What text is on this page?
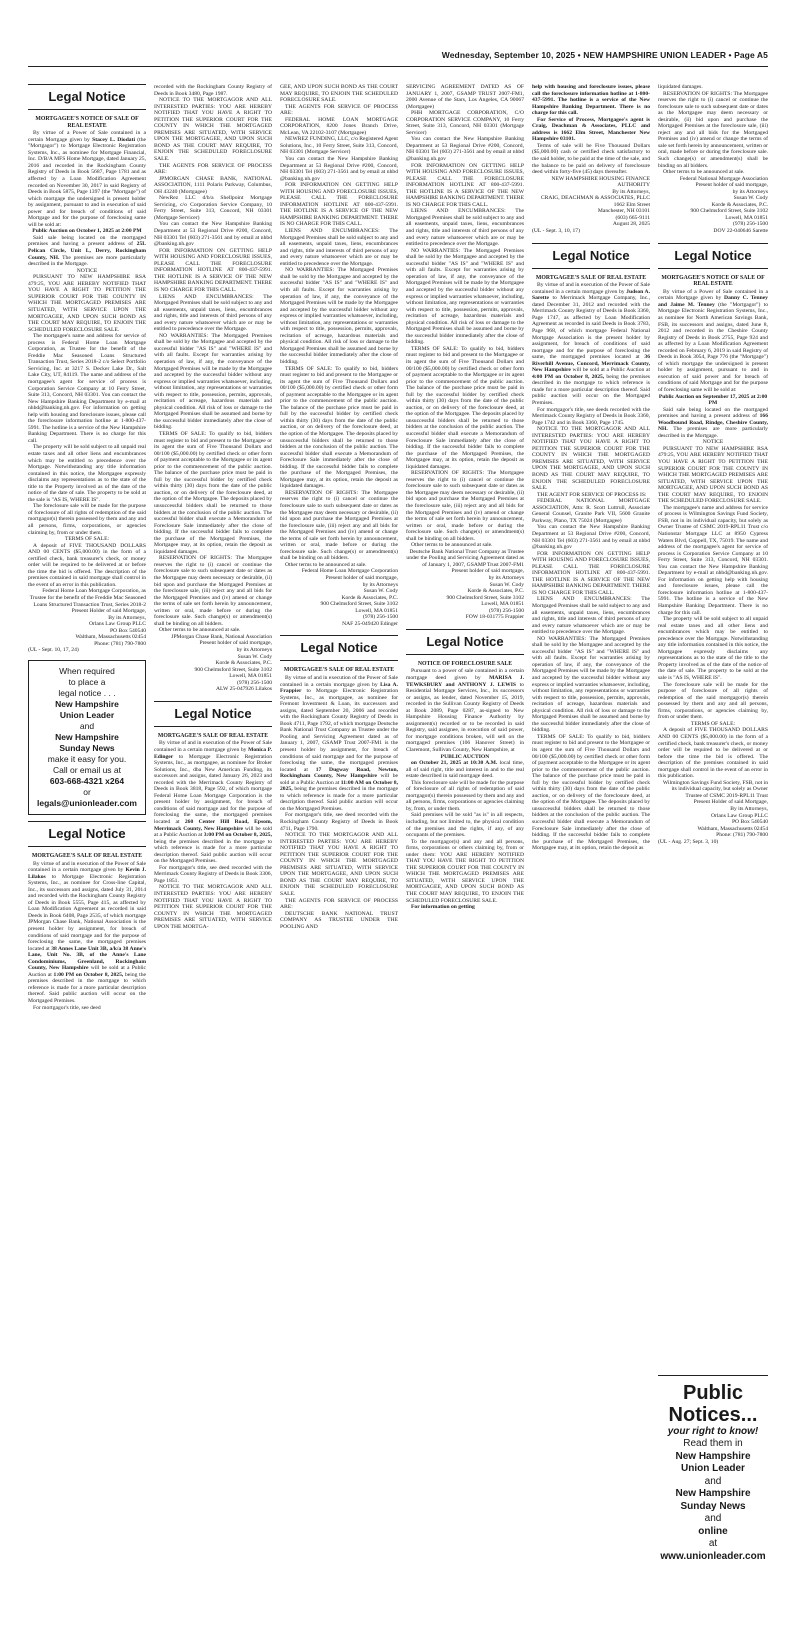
Wednesday, September 10, 2025 • NEW HAMPSHIRE UNION LEADER • Page A5
Legal Notice
MORTGAGEE'S NOTICE OF SALE OF REAL ESTATE

By virtue of a Power of Sale contained in a certain Mortgage given by Stacey L. Diodati (the "Mortgagor") to Mortgage Electronic Registration Systems, Inc., as nominee for Mortgage Financial, Inc. D/B/A MFS Home Mortgage, dated January 25, 2016 and recorded in the Rockingham County Registry of Deeds in Book 5687, Page 1781 and as affected by a Loan Modification Agreement recorded on November 30, 2017 in said Registry of Deeds in Book 5875, Page 1397 (the "Mortgage") of which mortgage the undersigned is present holder by assignment, pursuant to and in execution of said power and for breach of conditions of said Mortgage and for the purpose of foreclosing same will be sold at:

Public Auction on October 1, 2025 at 2:00 PM

Said sale being located on the mortgaged premises and having a present address of 25L Pelican Circle, Unit L, Derry, Rockingham County, NH. The premises are more particularly described in the Mortgage.

NOTICE

PURSUANT TO NEW HAMPSHIRE RSA 479:25, YOU ARE HEREBY NOTIFIED THAT YOU HAVE A RIGHT TO PETITION THE SUPERIOR COURT FOR THE COUNTY IN WHICH THE MORTGAGED PREMISES ARE SITUATED, WITH SERVICE UPON THE MORTGAGEE, AND UPON SUCH BOND AS THE COURT MAY REQUIRE, TO ENJOIN THE SCHEDULED FORECLOSURE SALE.

The mortgagee's name and address for service of process is Federal Home Loan Mortgage Corporation, as Trustee for the benefit of the Freddie Mac Seasoned Loans Structured Transaction Trust, Series 2018-2 c/o Select Portfolio Servicing, Inc. at 3217 S. Decker Lake Dr., Salt Lake City, UT, 84119. The name and address of the mortgagee's agent for service of process is Corporation Service Company at 10 Ferry Street, Suite 313, Concord, NH 03301. You can contact the New Hampshire Banking Department by e-mail at nhbd@banking.nh.gov. For information on getting help with housing and foreclosure issues, please call the foreclosure information hotline at 1-800-437-5991. The hotline is a service of the New Hampshire Banking Department. There is no charge for this call.

The property will be sold subject to all unpaid real estate taxes and all other liens and encumbrances which may be entitled to precedence over the Mortgage. Notwithstanding any title information contained in this notice, the Mortgagee expressly disclaims any representations as to the state of the title to the Property involved as of the date of the notice of the date of sale. The property to be sold at the sale is "AS IS, WHERE IS".

The foreclosure sale will be made for the purpose of foreclosure of all rights of redemption of the said mortgagor(s) therein possessed by them and any and all persons, firms, corporations, or agencies claiming by, from or under them.

TERMS OF SALE:

A deposit of FIVE THOUSAND DOLLARS AND 00 CENTS ($5,000.00) in the form of a certified check, bank treasurer's check, or money order will be required to be delivered at or before the time the bid is offered. The description of the premises contained in said mortgage shall control in the event of an error in this publication.

Federal Home Loan Mortgage Corporation, as Trustee for the benefit of the Freddie Mac Seasoned Loans Structured Transaction Trust, Series 2018-2

Present Holder of said Mortgage,

By its Attorneys,

Orlans Law Group PLLC

PO Box 540540

Waltham, Massachusetts 02454

Phone: (781) 790-7800

(UL - Sept. 10, 17, 24)

When required
to place a
legal notice . . .
New Hampshire
Union Leader
and
New Hampshire
Sunday News
make it easy for you.
Call or email us at
603-668-4321 x264
or
legals@unionleader.com
Legal Notice
MORTGAGEE'S SALE OF REAL ESTATE

By virtue of and in execution of the Power of Sale contained in a certain mortgage given by Kevin J. Lilakos to Mortgage Electronic Registration Systems, Inc., as nominee for Cross-line Capital, Inc., its successors and assigns, dated July 31, 2014 and recorded with the Rockingham County Registry of Deeds in Book 5555, Page 415, as affected by Loan Modification Agreement as recorded in said Deeds in Book 6408, Page 2535, of which mortgage JPMorgan Chase Bank, National Association is the present holder by assignment, for breach of conditions of said mortgage and for the purpose of foreclosing the same, the mortgaged premises located at 38 Annes Lane Unit 3B, a/k/a 38 Anne's Lane, Unit No. 3B, of the Anne's Lane Condominiums, Greenland, Rockingham County, New Hampshire will be sold at a Public Auction at 1:00 PM on October 8, 2025, being the premises described in the mortgage to which reference is made for a more particular description thereof. Said public auction will occur on the Mortgaged Premises.

For mortgagor's title, see deed

recorded with the Rockingham County Registry of Deeds in Book 3480, Page 1987.

NOTICE TO THE MORTGAGOR AND ALL INTERESTED PARTIES: YOU ARE HEREBY NOTIFIED THAT YOU HAVE A RIGHT TO PETITION THE SUPERIOR COURT FOR THE COUNTY IN WHICH THE MORTGAGED PREMISES ARE SITUATED, WITH SERVICE UPON THE MORTGAGEE, AND UPON SUCH BOND AS THE COURT MAY REQUIRE, TO ENJOIN THE SCHEDULED FORECLOSURE SALE.

THE AGENTS FOR SERVICE OF PROCESS ARE:

JPMORGAN CHASE BANK, NATIONAL ASSOCIATION, 1111 Polaris Parkway, Columbus, OH 43240 (Mortgagee)

NewRez LLC d/b/a Shellpoint Mortgage Servicing, c/o Corporation Service Company, 10 Ferry Street, Suite 313, Concord, NH 03301 (Mortgage Servicer)

You can contact the New Hampshire Banking Department at 53 Regional Drive #200, Concord, NH 03301 Tel (603) 271-3561 and by email at nhbd @banking.nh.gov

FOR INFORMATION ON GETTING HELP WITH HOUSING AND FORECLOSURE ISSUES, PLEASE CALL THE FORECLOSURE INFORMATION HOTLINE AT 800-437-5991. THE HOTLINE IS A SERVICE OF THE NEW HAMPSHIRE BANKING DEPARTMENT. THERE IS NO CHARGE FOR THIS CALL.

LIENS AND ENCUMBRANCES: The Mortgaged Premises shall be sold subject to any and all easements, unpaid taxes, liens, encumbrances and rights, title and interests of third persons of any and every nature whatsoever which are or may be entitled to precedence over the Mortgage.

NO WARRANTIES: The Mortgaged Premises shall be sold by the Mortgagee and accepted by the successful bidder "AS IS" and "WHERE IS" and with all faults. Except for warranties arising by operation of law, if any, the conveyance of the Mortgaged Premises will be made by the Mortgagee and accepted by the successful bidder without any express or implied warranties whatsoever, including, without limitation, any representations or warranties with respect to title, possession, permits, approvals, recitation of acreage, hazardous materials and physical condition. All risk of loss or damage to the Mortgaged Premises shall be assumed and borne by the successful bidder immediately after the close of bidding.

TERMS OF SALE: To qualify to bid, bidders must register to bid and present to the Mortgagee or its agent the sum of Five Thousand Dollars and 00/100 ($5,000.00) by certified check or other form of payment acceptable to the Mortgagee or its agent prior to the commencement of the public auction. The balance of the purchase price must be paid in full by the successful bidder by certified check within thirty (30) days from the date of the public auction, or on delivery of the foreclosure deed, at the option of the Mortgagee. The deposits placed by unsuccessful bidders shall be returned to those bidders at the conclusion of the public auction. The successful bidder shall execute a Memorandum of Foreclosure Sale immediately after the close of bidding. If the successful bidder fails to complete the purchase of the Mortgaged Premises, the Mortgagee may, at its option, retain the deposit as liquidated damages.

RESERVATION OF RIGHTS: The Mortgagee reserves the right to (i) cancel or continue the foreclosure sale to such subsequent date or dates as the Mortgagee may deem necessary or desirable, (ii) bid upon and purchase the Mortgaged Premises at the foreclosure sale, (iii) reject any and all bids for the Mortgaged Premises and (iv) amend or change the terms of sale set forth herein by announcement, written or oral, made before or during the foreclosure sale. Such change(s) or amendment(s) shall be binding on all bidders.

Other terms to be announced at sale.

JPMorgan Chase Bank, National Association

Present holder of said mortgage,

by its Attorneys

Susan W. Cody

Korde & Associates, P.C.

900 Chelmsford Street, Suite 3102

Lowell, MA 01851

(978) 256-1500

ALW 25-047926 Lilakos

Legal Notice
MORTGAGEE'S SALE OF REAL ESTATE

By virtue of and in execution of the Power of Sale contained in a certain mortgage given by Monica P. Edinger to Mortgage Electronic Registration Systems, Inc., as mortgagee, as nominee for Broker Solutions, Inc., dba New American Funding, its successors and assigns, dated January 26, 2023 and recorded with the Merrimack County Registry of Deeds in Book 3818, Page 592, of which mortgage Federal Home Loan Mortgage Corporation is the present holder by assignment, for breach of conditions of said mortgage and for the purpose of foreclosing the same, the mortgaged premises located at 260 Center Hill Road, Epsom, Merrimack County, New Hampshire will be sold at a Public Auction at 3:00 PM on October 8, 2025, being the premises described in the mortgage to which reference is made for a more particular description thereof. Said public auction will occur on the Mortgaged Premises.

For mortgagor's title, see deed recorded with the Merrimack County Registry of Deeds in Book 3306, Page 1851.

NOTICE TO THE MORTGAGOR AND ALL INTERESTED PARTIES: YOU ARE HEREBY NOTIFIED THAT YOU HAVE A RIGHT TO PETITION THE SUPERIOR COURT FOR THE COUNTY IN WHICH THE MORTGAGED PREMISES ARE SITUATED, WITH SERVICE UPON THE MORTGA-

GEE, AND UPON SUCH BOND AS THE COURT MAY REQUIRE, TO ENJOIN THE SCHEDULED FORECLOSURE SALE.

THE AGENTS FOR SERVICE OF PROCESS ARE:

FEDERAL HOME LOAN MORTGAGE CORPORATION, 8200 Jones Branch Drive, McLean, VA 22102-3107 (Mortgagee)

NEWREZ FUNDING, LLC, c/o Registered Agent Solutions, Inc., 10 Ferry Street, Suite 313, Concord, NH 03301 (Mortgage Servicer)

You can contact the New Hampshire Banking Department at 53 Regional Drive #200, Concord, NH 03301 Tel (603) 271-3561 and by email at nhbd @banking.nh.gov

FOR INFORMATION ON GETTING HELP WITH HOUSING AND FORECLOSURE ISSUES, PLEASE CALL THE FORECLOSURE INFORMATION HOTLINE AT 800-437-5991. THE HOTLINE IS A SERVICE OF THE NEW HAMPSHIRE BANKING DEPARTMENT. THERE IS NO CHARGE FOR THIS CALL.

LIENS AND ENCUMBRANCES: The Mortgaged Premises shall be sold subject to any and all easements, unpaid taxes, liens, encumbrances and rights, title and interests of third persons of any and every nature whatsoever which are or may be entitled to precedence over the Mortgage.

NO WARRANTIES: The Mortgaged Premises shall be sold by the Mortgagee and accepted by the successful bidder "AS IS" and "WHERE IS" and with all faults. Except for warranties arising by operation of law, if any, the conveyance of the Mortgaged Premises will be made by the Mortgagee and accepted by the successful bidder without any express or implied warranties whatsoever, including, without limitation, any representations or warranties with respect to title, possession, permits, approvals, recitation of acreage, hazardous materials and physical condition. All risk of loss or damage to the Mortgaged Premises shall be assumed and borne by the successful bidder immediately after the close of bidding.

TERMS OF SALE: To qualify to bid, bidders must register to bid and present to the Mortgagee or its agent the sum of Five Thousand Dollars and 00/100 ($5,000.00) by certified check or other form of payment acceptable to the Mortgagee or its agent prior to the commencement of the public auction. The balance of the purchase price must be paid in full by the successful bidder by certified check within thirty (30) days from the date of the public auction, or on delivery of the foreclosure deed, at the option of the Mortgagee. The deposits placed by unsuccessful bidders shall be returned to those bidders at the conclusion of the public auction. The successful bidder shall execute a Memorandum of Foreclosure Sale immediately after the close of bidding. If the successful bidder fails to complete the purchase of the Mortgaged Premises, the Mortgagee may, at its option, retain the deposit as liquidated damages.

RESERVATION OF RIGHTS: The Mortgagee reserves the right to (i) cancel or continue the foreclosure sale to such subsequent date or dates as the Mortgagee may deem necessary or desirable, (ii) bid upon and purchase the Mortgaged Premises at the foreclosure sale, (iii) reject any and all bids for the Mortgaged Premises and (iv) amend or change the terms of sale set forth herein by announcement, written or oral, made before or during the foreclosure sale. Such change(s) or amendment(s) shall be binding on all bidders.

Other terms to be announced at sale.

Federal Home Loan Mortgage Corporation

Present holder of said mortgage,

by its Attorneys

Susan W. Cody

Korde & Associates, P.C.

900 Chelmsford Street, Suite 3102

Lowell, MA 01851

(978) 256-1500

NAF 25-049420 Edinger

Legal Notice
MORTGAGEE'S SALE OF REAL ESTATE

By virtue of and in execution of the Power of Sale contained in a certain mortgage given by Lisa A. Frappier to Mortgage Electronic Registration Systems, Inc., as mortgagee, as nominee for Fremont Investment & Loan, its successors and assigns, dated September 20, 2006 and recorded with the Rockingham County Registry of Deeds in Book 4711, Page 1792, of which mortgage Deutsche Bank National Trust Company as Trustee under the Pooling and Servicing Agreement dated as of January 1, 2007, GSAMP Trust 2007-FM1 is the present holder by assignment, for breach of conditions of said mortgage and for the purpose of foreclosing the same, the mortgaged premises located at 17 Dugway Road, Newton, Rockingham County, New Hampshire will be sold at a Public Auction at 11:00 AM on October 8, 2025, being the premises described in the mortgage to which reference is made for a more particular description thereof. Said public auction will occur on the Mortgaged Premises.

For mortgagor's title, see deed recorded with the Rockingham County Registry of Deeds in Book 4711, Page 1790.

NOTICE TO THE MORTGAGOR AND ALL INTERESTED PARTIES: YOU ARE HEREBY NOTIFIED THAT YOU HAVE A RIGHT TO PETITION THE SUPERIOR COURT FOR THE COUNTY IN WHICH THE MORTGAGED PREMISES ARE SITUATED, WITH SERVICE UPON THE MORTGAGEE, AND UPON SUCH BOND AS THE COURT MAY REQUIRE, TO ENJOIN THE SCHEDULED FORECLOSURE SALE.

THE AGENTS FOR SERVICE OF PROCESS ARE:

DEUTSCHE BANK NATIONAL TRUST COMPANY AS TRUSTEE UNDER THE POOLING AND

SERVICING AGREEMENT DATED AS OF JANUARY 1, 2007, GSAMP TRUST 2007-FM1, 2000 Avenue of the Stars, Los Angeles, CA 90067 (Mortgagee)

PHH MORTGAGE CORPORATION, C/O CORPORATION SERVICE COMPANY, 10 Ferry Street, Suite 313, Concord, NH 03301 (Mortgage Servicer)

You can contact the New Hampshire Banking Department at 53 Regional Drive #200, Concord, NH 03301 Tel (603) 271-3561 and by email at nhbd @banking.nh.gov

FOR INFORMATION ON GETTING HELP WITH HOUSING AND FORECLOSURE ISSUES, PLEASE CALL THE FORECLOSURE INFORMATION HOTLINE AT 800-437-5991. THE HOTLINE IS A SERVICE OF THE NEW HAMPSHIRE BANKING DEPARTMENT. THERE IS NO CHARGE FOR THIS CALL.

LIENS AND ENCUMBRANCES: The Mortgaged Premises shall be sold subject to any and all easements, unpaid taxes, liens, encumbrances and rights, title and interests of third persons of any and every nature whatsoever which are or may be entitled to precedence over the Mortgage.

NO WARRANTIES: The Mortgaged Premises shall be sold by the Mortgagee and accepted by the successful bidder "AS IS" and "WHERE IS" and with all faults. Except for warranties arising by operation of law, if any, the conveyance of the Mortgaged Premises will be made by the Mortgagee and accepted by the successful bidder without any express or implied warranties whatsoever, including, without limitation, any representations or warranties with respect to title, possession, permits, approvals, recitation of acreage, hazardous materials and physical condition. All risk of loss or damage to the Mortgaged Premises shall be assumed and borne by the successful bidder immediately after the close of bidding.

TERMS OF SALE: To qualify to bid, bidders must register to bid and present to the Mortgagee or its agent the sum of Five Thousand Dollars and 00/100 ($5,000.00) by certified check or other form of payment acceptable to the Mortgagee or its agent prior to the commencement of the public auction. The balance of the purchase price must be paid in full by the successful bidder by certified check within thirty (30) days from the date of the public auction, or on delivery of the foreclosure deed, at the option of the Mortgagee. The deposits placed by unsuccessful bidders shall be returned to those bidders at the conclusion of the public auction. The successful bidder shall execute a Memorandum of Foreclosure Sale immediately after the close of bidding. If the successful bidder fails to complete the purchase of the Mortgaged Premises, the Mortgagee may, at its option, retain the deposit as liquidated damages.

RESERVATION OF RIGHTS: The Mortgagee reserves the right to (i) cancel or continue the foreclosure sale to such subsequent date or dates as the Mortgagee may deem necessary or desirable, (ii) bid upon and purchase the Mortgaged Premises at the foreclosure sale, (iii) reject any and all bids for the Mortgaged Premises and (iv) amend or change the terms of sale set forth herein by announcement, written or oral, made before or during the foreclosure sale. Such change(s) or amendment(s) shall be binding on all bidders.

Other terms to be announced at sale.

Deutsche Bank National Trust Company as Trustee under the Pooling and Servicing Agreement dated as of January 1, 2007, GSAMP Trust 2007-FM1

Present holder of said mortgage,

by its Attorneys

Susan W. Cody

Korde & Associates, P.C.

900 Chelmsford Street, Suite 3102

Lowell, MA 01851

(978) 256-1500

FOW 18-031775 Frappier

Legal Notice
NOTICE OF FORECLOSURE SALE

Pursuant to a power of sale contained in a certain mortgage deed given by MARISA J. TEWKSBURY and ANTHONY J. LEWIS to Residential Mortgage Services, Inc., its successors or assigns, as lender, dated November 15, 2019, recorded in the Sullivan County Registry of Deeds at Book 2089, Page 0287, as-signed to New Hampshire Housing Finance Authority by assignment(s) recorded or to be recorded in said Registry, said assignee, in execution of said power, for mortgage conditions broken, will sell on the mortgaged premises (106 Hanover Street) in Claremont, Sullivan County, New Hampshire, at

PUBLIC AUCTION

on October 21, 2025 at 10:30 A.M. local time, all of said right, title and interest in and to the real estate described in said mortgage deed.

This foreclosure sale will be made for the purpose of foreclosure of all rights of redemption of said mortgagor(s) therein possessed by them and any and all persons, firms, corporations or agencies claiming by, from, or under them.

Said premises will be sold "as is" in all respects, including, but not limited to, the physical condition of the premises and the rights, if any, of any occupants of the premises.

To the mortgagor(s) and any and all persons, firms, corporations or others claiming by, from or under them: YOU ARE HEREBY NOTIFIED THAT YOU HAVE THE RIGHT TO PETITION THE SUPERIOR COURT FOR THE COUNTY IN WHICH THE MORTGAGED PREMISES ARE SITUATED, WITH SERVICE UPON THE MORTGAGEE, AND UPON SUCH BOND AS THE COURT MAY REQUIRE, TO ENJOIN THE SCHEDULED FORECLOSURE SALE.

For information on getting

help with housing and foreclosure issues, please call the foreclosure information hotline at 1-800-437-5991. The hotline is a service of the New Hampshire Banking Department. There is no charge for this call.

For Service of Process, Mortgagee's agent is Craig, Deachman & Associates, PLLC and address is 1662 Elm Street, Manchester New Hampshire 03101.

Terms of sale will be Five Thousand Dollars ($5,000.00) cash or certified check satisfactory to the said holder, to be paid at the time of the sale, and the balance to be paid on delivery of foreclosure deed within forty-five (45) days thereafter.

NEW HAMPSHIRE HOUSING FINANCE AUTHORITY

By its Attorneys,

CRAIG, DEACHMAN & ASSOCIATES, PLLC

1662 Elm Street

Manchester, NH 03101

(603) 665-9111

August 28, 2025

(UL - Sept. 3, 10, 17)

Legal Notice
MORTGAGEE'S SALE OF REAL ESTATE

By virtue of and in execution of the Power of Sale contained in a certain mortgage given by Judson A. Sarette to Merrimack Mortgage Company, Inc., dated December 31, 2012 and recorded with the Merrimack County Registry of Deeds in Book 3360, Page 1747, as affected by Loan Modification Agreement as recorded in said Deeds in Book 3783, Page 968, of which mortgage Federal National Mortgage Association is the present holder by assignment, for breach of conditions of said mortgage and for the purpose of foreclosing the same, the mortgaged premises located at 36 Riverhill Avenue, Concord, Merrimack County, New Hampshire will be sold at a Public Auction at 4:00 PM on October 8, 2025, being the premises described in the mortgage to which reference is made for a more particular description thereof. Said public auction will occur on the Mortgaged Premises.

For mortgagor's title, see deeds recorded with the Merrimack County Registry of Deeds in Book 3360, Page 1742 and in Book 3360, Page 1745.

NOTICE TO THE MORTGAGOR AND ALL INTERESTED PARTIES: YOU ARE HEREBY NOTIFIED THAT YOU HAVE A RIGHT TO PETITION THE SUPERIOR COURT FOR THE COUNTY IN WHICH THE MORTGAGED PREMISES ARE SITUATED, WITH SERVICE UPON THE MORTGAGEE, AND UPON SUCH BOND AS THE COURT MAY REQUIRE, TO ENJOIN THE SCHEDULED FORECLOSURE SALE.

THE AGENT FOR SERVICE OF PROCESS IS:

FEDERAL NATIONAL MORTGAGE ASSOCIATION, Attn: R. Scott Luttrull, Associate General Counsel, Granite Park VII, 5600 Granite Parkway, Plano, TX 75024 (Mortgagee)

You can contact the New Hampshire Banking Department at 53 Regional Drive #200, Concord, NH 03301 Tel (603) 271-3561 and by email at nhbd @banking.nh.gov

FOR INFORMATION ON GETTING HELP WITH HOUSING AND FORECLOSURE ISSUES, PLEASE CALL THE FORECLOSURE INFORMATION HOTLINE AT 800-437-5991. THE HOTLINE IS A SERVICE OF THE NEW HAMPSHIRE BANKING DEPARTMENT. THERE IS NO CHARGE FOR THIS CALL.

LIENS AND ENCUMBRANCES: The Mortgaged Premises shall be sold subject to any and all easements, unpaid taxes, liens, encumbrances and rights, title and interests of third persons of any and every nature whatsoever which are or may be entitled to precedence over the Mortgage.

NO WARRANTIES: The Mortgaged Premises shall be sold by the Mortgagee and accepted by the successful bidder "AS IS" and "WHERE IS" and with all faults. Except for warranties arising by operation of law, if any, the conveyance of the Mortgaged Premises will be made by the Mortgagee and accepted by the successful bidder without any express or implied warranties whatsoever, including, without limitation, any representations or warranties with respect to title, possession, permits, approvals, recitation of acreage, hazardous materials and physical condition. All risk of loss or damage to the Mortgaged Premises shall be assumed and borne by the successful bidder immediately after the close of bidding.

TERMS OF SALE: To qualify to bid, bidders must register to bid and present to the Mortgagee or its agent the sum of Five Thousand Dollars and 00/100 ($5,000.00) by certified check or other form of payment acceptable to the Mortgagee or its agent prior to the commencement of the public auction. The balance of the purchase price must be paid in full by the successful bidder by certified check within thirty (30) days from the date of the public auction, or on delivery of the foreclosure deed, at the option of the Mortgagee. The deposits placed by unsuccessful bidders shall be returned to those bidders at the conclusion of the public auction. The successful bidder shall execute a Memorandum of Foreclosure Sale immediately after the close of bidding. If the successful bidder fails to complete the purchase of the Mortgaged Premises, the Mortgagee may, at its option, retain the deposit as

liquidated damages.

RESERVATION OF RIGHTS: The Mortgagee reserves the right to (i) cancel or continue the foreclosure sale to such subsequent date or dates as the Mortgagee may deem necessary or desirable, (ii) bid upon and purchase the Mortgaged Premises at the foreclosure sale, (iii) reject any and all bids for the Mortgaged Premises and (iv) amend or change the terms of sale set forth herein by announcement, written or oral, made before or during the foreclosure sale. Such change(s) or amendment(s) shall be binding on all bidders.

Other terms to be announced at sale.

Federal National Mortgage Association

Present holder of said mortgage,

by its Attorneys

Susan W. Cody

Korde & Associates, P.C.

900 Chelmsford Street, Suite 3102

Lowell, MA 01851

(978) 256-1500

DOV 22-040646 Sarette

Legal Notice
MORTGAGEE'S NOTICE OF SALE OF REAL ESTATE

By virtue of a Power of Sale contained in a certain Mortgage given by Danny C. Tenney and Jaime M. Tenney (the "Mortgagor") to Mortgage Electronic Registration Systems, Inc., as nominee for North American Savings Bank, FSB, its successors and assigns, dated June 8, 2012 and recorded in the Cheshire County Registry of Deeds in Book 2755, Page 924 and as affected by a Loan Modification Agreement recorded on February 6, 2019 in said Registry of Deeds in Book 3054, Page 776 (the "Mortgage") of which mortgage the undersigned is present holder by assignment, pursuant to and in execution of said power and for breach of conditions of said Mortgage and for the purpose of foreclosing same will be sold at:

Public Auction on September 17, 2025 at 2:00 PM

Said sale being located on the mortgaged premises and having a present address of 166 Woodbound Road, Rindge, Cheshire County, NH. The premises are more particularly described in the Mortgage.

NOTICE

PURSUANT TO NEW HAMPSHIRE RSA 479:25, YOU ARE HEREBY NOTIFIED THAT YOU HAVE A RIGHT TO PETITION THE SUPERIOR COURT FOR THE COUNTY IN WHICH THE MORTGAGED PREMISES ARE SITUATED, WITH SERVICE UPON THE MORTGAGEE, AND UPON SUCH BOND AS THE COURT MAY REQUIRE, TO ENJOIN THE SCHEDULED FORECLOSURE SALE.

The mortgagee's name and address for service of process is Wilmington Savings Fund Society, FSB, not in its individual capacity, but solely as Owner Trustee of CSMC 2019-RPL11 Trust c/o Nationstar Mortgage LLC at 8950 Cypress Waters Blvd, Coppell, TX, 75019. The name and address of the mortgagee's agent for service of process is Corporation Service Company at 10 Ferry Street, Suite 313, Concord, NH 03301. You can contact the New Hampshire Banking Department by e-mail at nhbd@banking.nh.gov. For information on getting help with housing and foreclosure issues, please call the foreclosure information hotline at 1-800-437-5991. The hotline is a service of the New Hampshire Banking Department. There is no charge for this call.

The property will be sold subject to all unpaid real estate taxes and all other liens and encumbrances which may be entitled to precedence over the Mortgage. Notwithstanding any title information contained in this notice, the Mortgagee expressly disclaims any representations as to the state of the title to the Property involved as of the date of the notice of the date of sale. The property to be sold at the sale is "AS IS, WHERE IS".

The foreclosure sale will be made for the purpose of foreclosure of all rights of redemption of the said mortgagor(s) therein possessed by them and any and all persons, firms, corporations, or agencies claiming by, from or under them.

TERMS OF SALE:

A deposit of FIVE THOUSAND DOLLARS AND 00 CENTS ($5,000.00) in the form of a certified check, bank treasurer's check, or money order will be required to be delivered at or before the time the bid is offered. The description of the premises contained in said mortgage shall control in the event of an error in this publication.

Wilmington Savings Fund Society, FSB, not in its individual capacity, but solely as Owner Trustee of CSMC 2019-RPL11 Trust

Present Holder of said Mortgage,

By its Attorneys,

Orlans Law Group PLLC

PO Box 540540

Waltham, Massachusetts 02454

Phone: (781) 790-7800

(UL - Aug. 27; Sept. 3, 10)

Public Notices...
your right to know!
Read them in
New Hampshire
Union Leader
and
New Hampshire
Sunday News
and
online
at
www.unionleader.com
